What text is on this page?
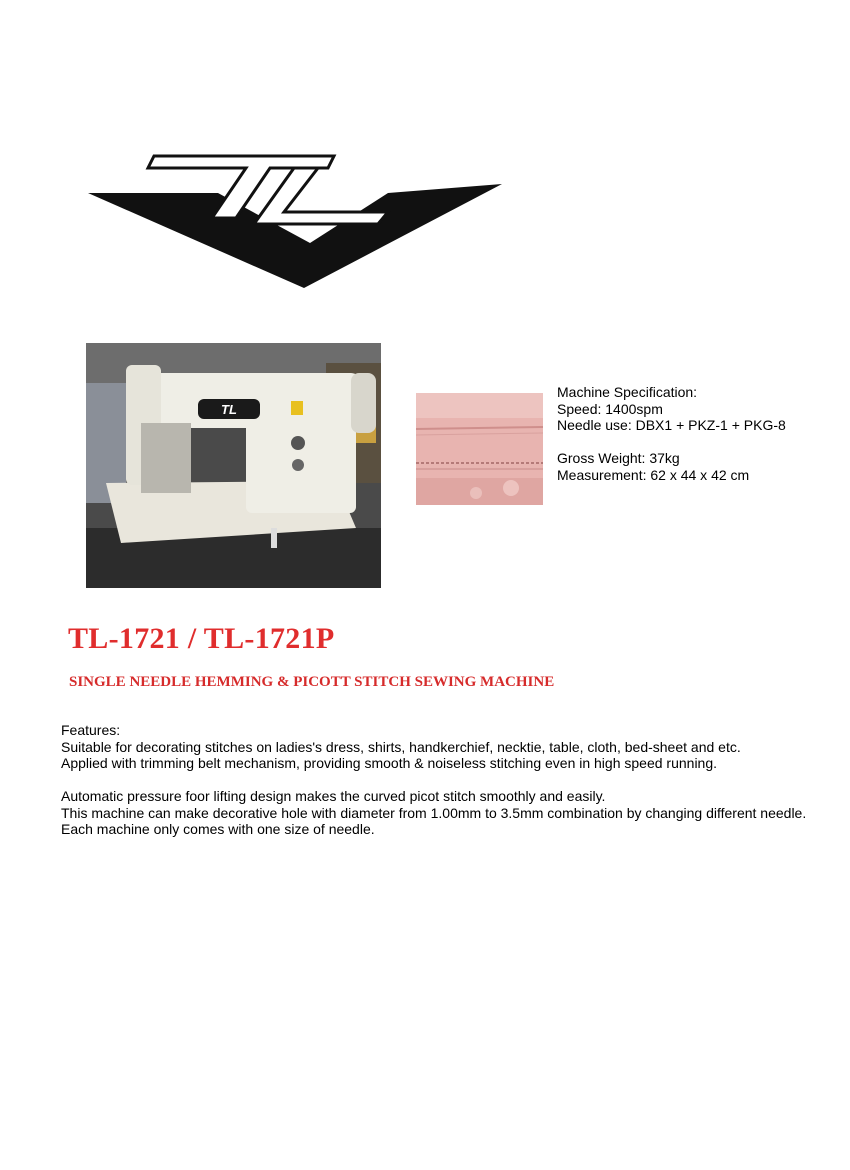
TL
Machine Specification:
Speed: 1400spm
Needle use: DBX1 + PKZ-1 + PKG-8
Gross Weight: 37kg
Measurement: 62 x 44 x 42 cm
TL-1721 / TL-1721P
SINGLE NEEDLE HEMMING & PICOTT STITCH SEWING MACHINE
Features:
Suitable for decorating stitches on ladies's dress, shirts, handkerchief, necktie, table, cloth, bed-sheet and etc.
Applied with trimming belt mechanism, providing smooth & noiseless stitching even in high speed running.
Automatic pressure foor lifting design makes the curved picot stitch smoothly and easily.
This machine can make decorative hole with diameter from 1.00mm to 3.5mm combination by changing different needle.
Each machine only comes with one size of needle.
